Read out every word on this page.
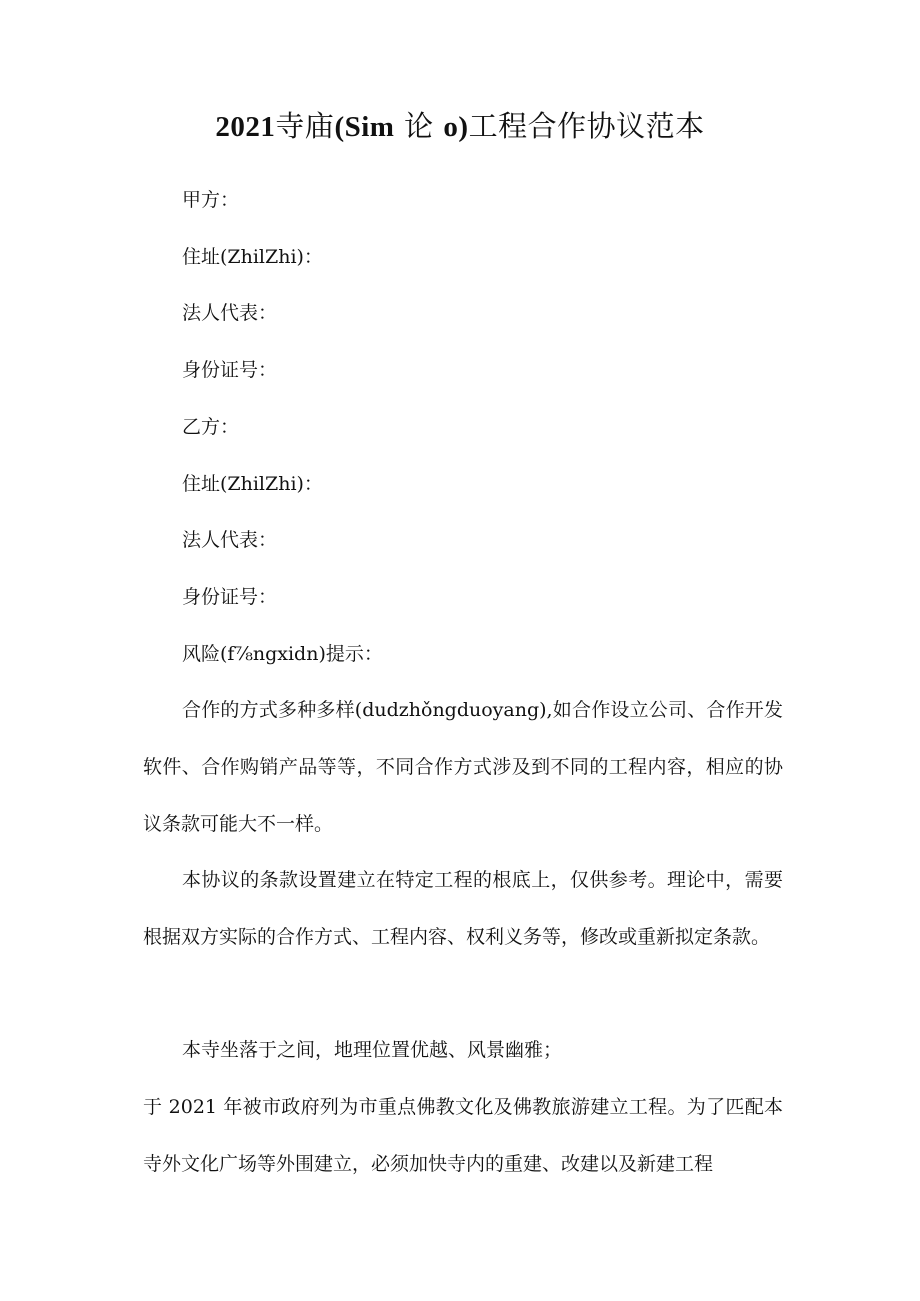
2021寺庙(Sim 论 o)工程合作协议范本
甲方：
住址(ZhilZhi)：
法人代表：
身份证号：
乙方：
住址(ZhilZhi)：
法人代表：
身份证号：
风险(f⅞ngxidn)提示：
合作的方式多种多样(dudzhǒngduoyang),如合作设立公司、合作开发软件、合作购销产品等等，不同合作方式涉及到不同的工程内容，相应的协议条款可能大不一样。
本协议的条款设置建立在特定工程的根底上，仅供参考。理论中，需要根据双方实际的合作方式、工程内容、权利义务等，修改或重新拟定条款。
本寺坐落于之间，地理位置优越、风景幽雅；
于 2021 年被市政府列为市重点佛教文化及佛教旅游建立工程。为了匹配本寺外文化广场等外围建立，必须加快寺内的重建、改建以及新建工程
